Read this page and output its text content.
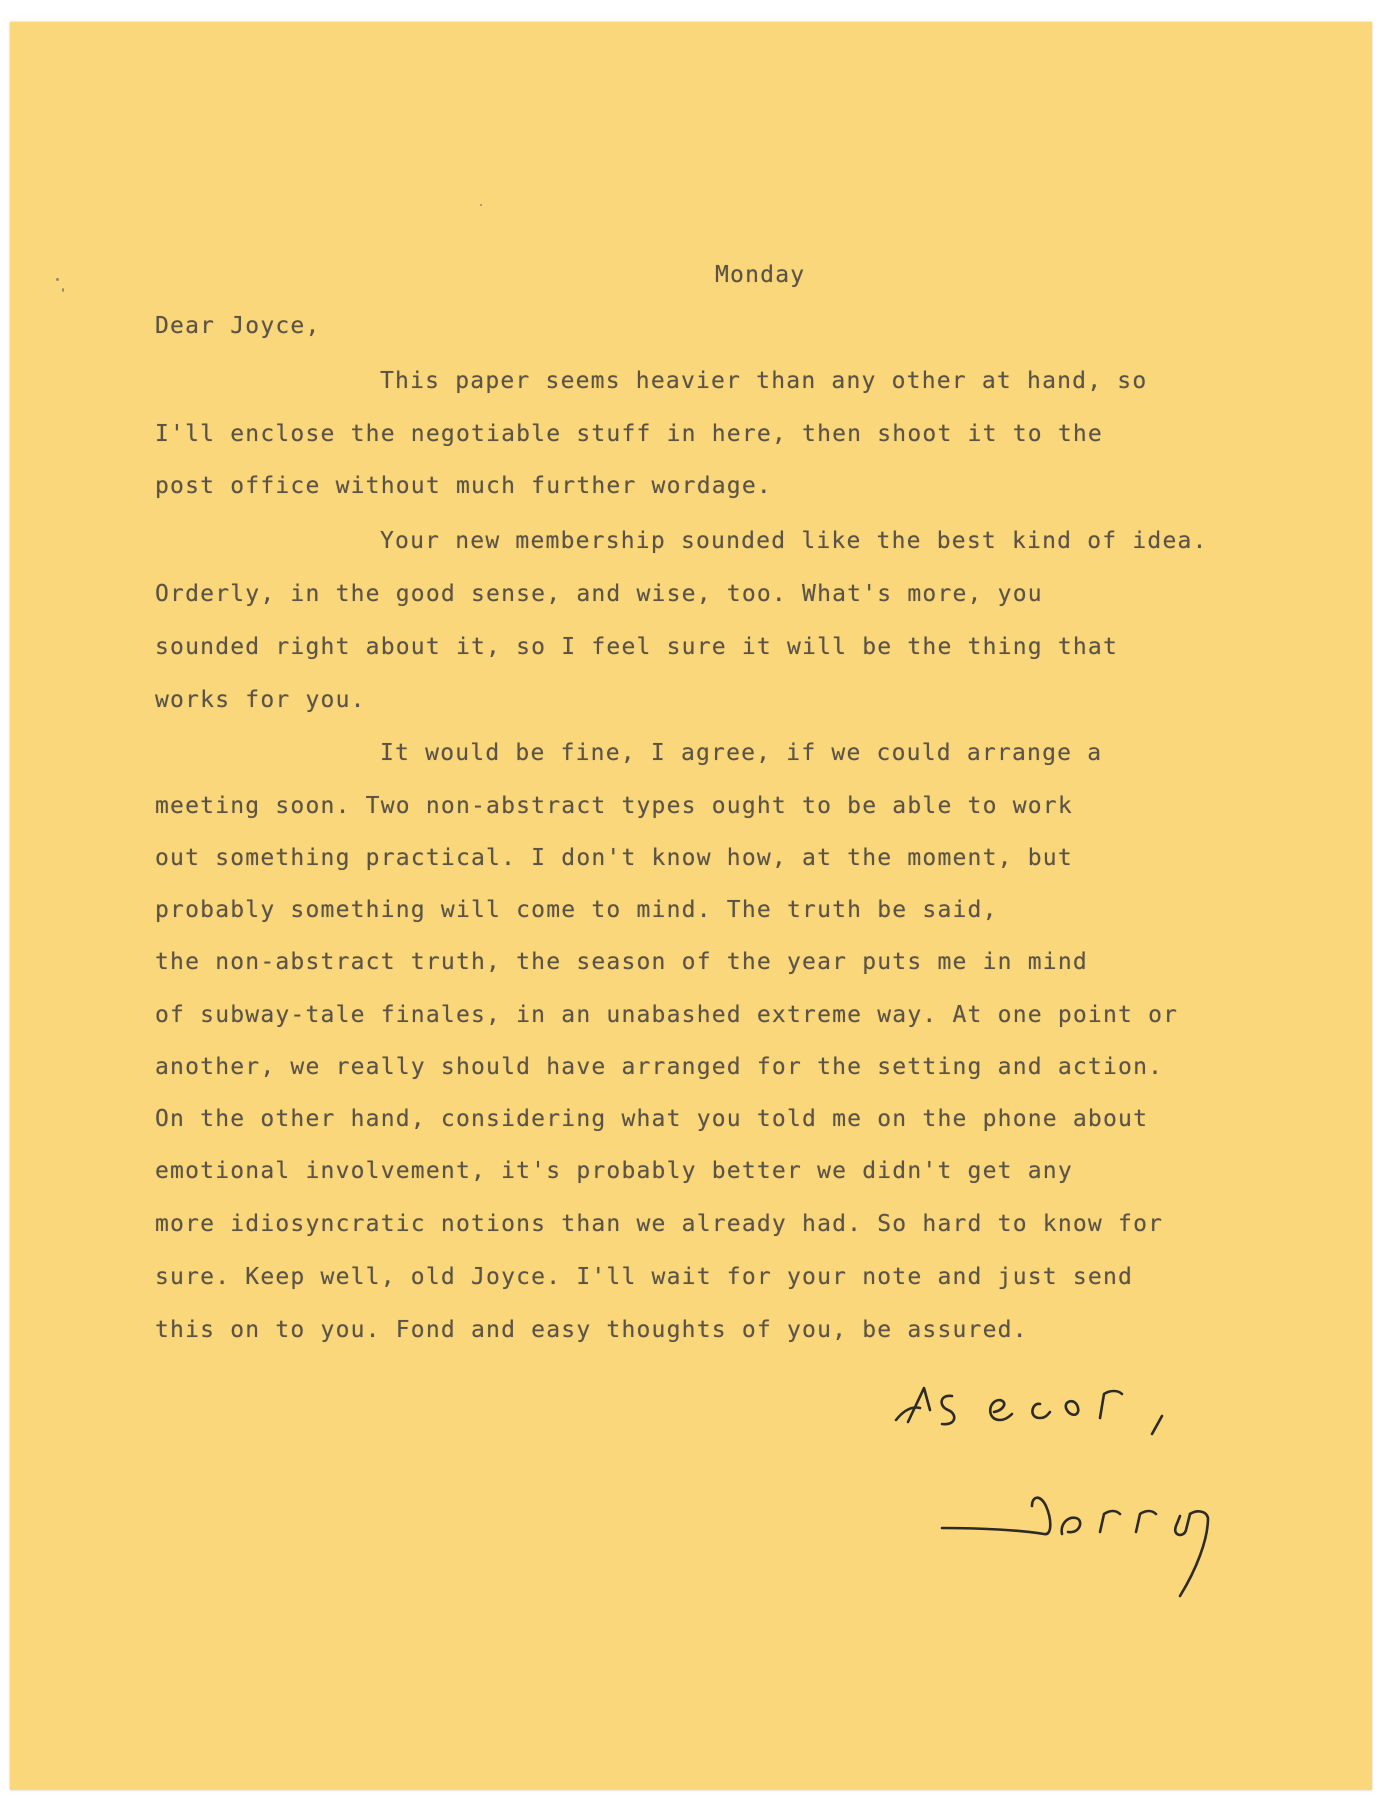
Monday
Dear Joyce,
This paper seems heavier than any other at hand, so
I'll enclose the negotiable stuff in here, then shoot it to the
post office without much further wordage.
Your new membership sounded like the best kind of idea.
Orderly, in the good sense, and wise, too. What's more, you
sounded right about it, so I feel sure it will be the thing that
works for you.
It would be fine, I agree, if we could arrange a
meeting soon. Two non-abstract types ought to be able to work
out something practical. I don't know how, at the moment, but
probably something will come to mind. The truth be said,
the non-abstract truth, the season of the year puts me in mind
of subway-tale finales, in an unabashed extreme way. At one point or
another, we really should have arranged for the setting and action.
On the other hand, considering what you told me on the phone about
emotional involvement, it's probably better we didn't get any
more idiosyncratic notions than we already had. So hard to know for
sure. Keep well, old Joyce. I'll wait for your note and just send
this on to you. Fond and easy thoughts of you, be assured.
